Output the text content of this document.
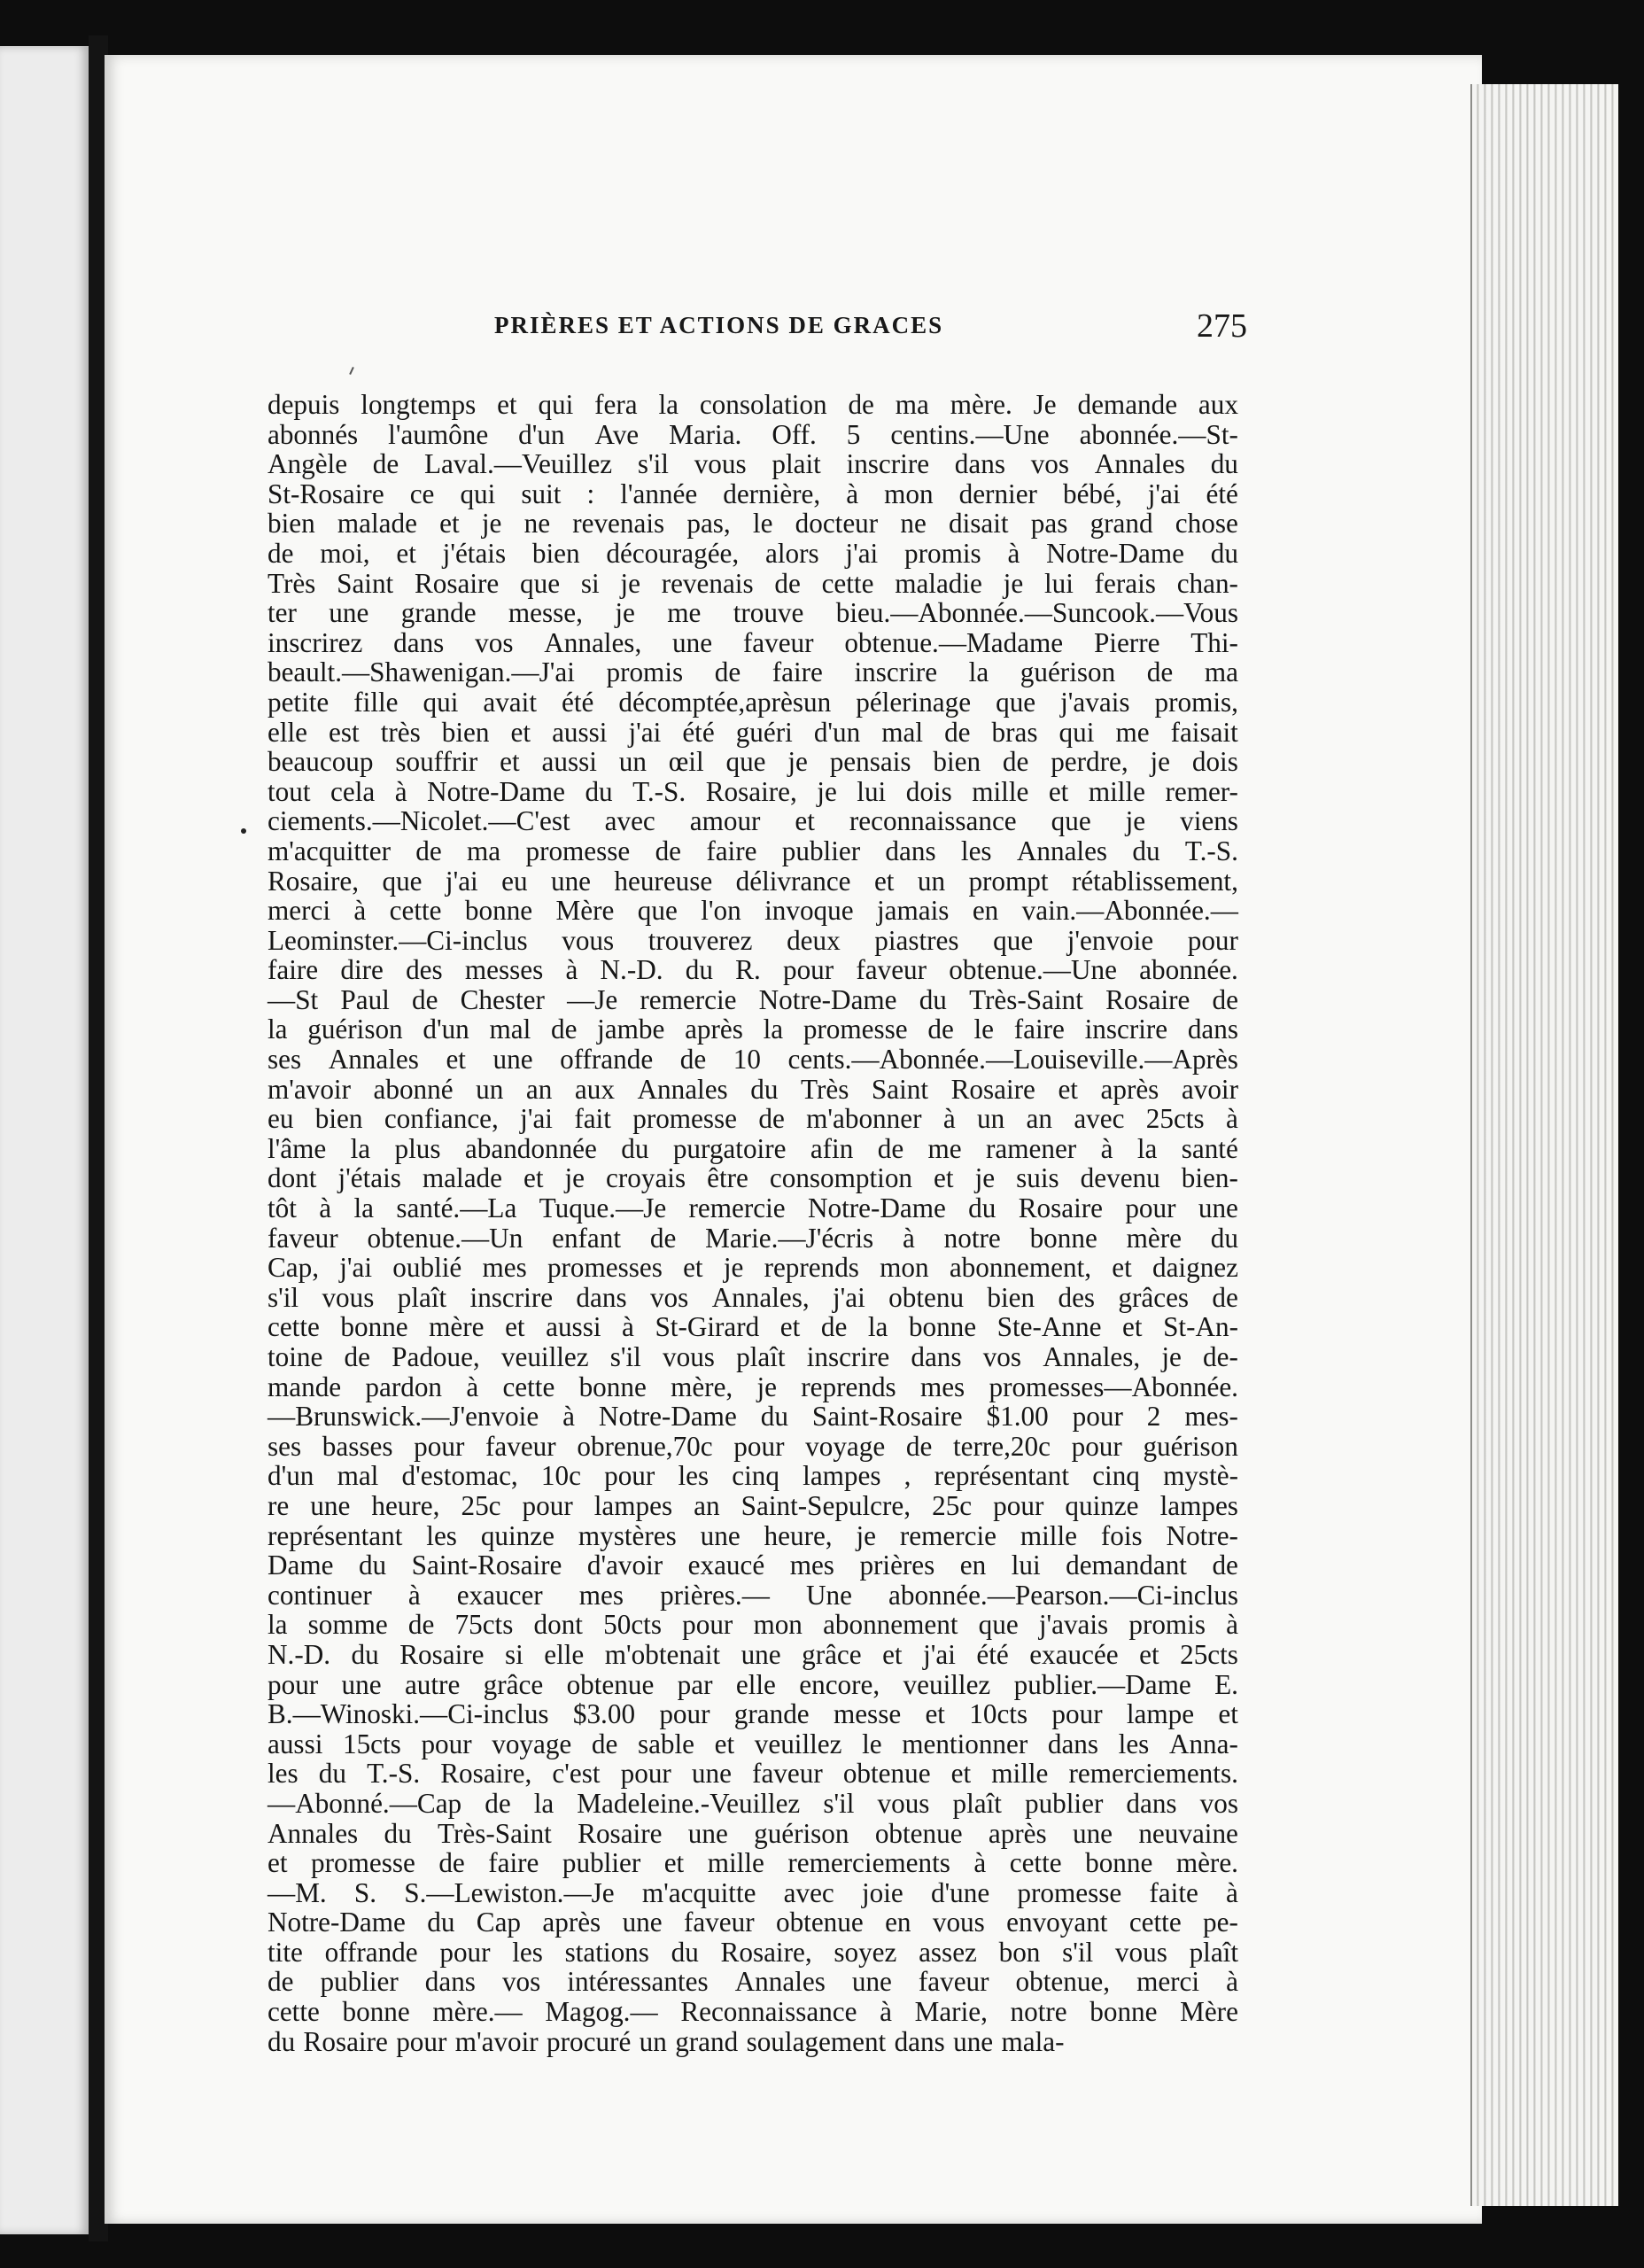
PRIÈRES ET ACTIONS DE GRACES	275
depuis longtemps et qui fera la consolation de ma mère. Je demande aux
abonnés l'aumône d'un Ave Maria. Off. 5 centins.—Une abonnée.—St-
Angèle de Laval.—Veuillez s'il vous plait inscrire dans vos Annales du
St-Rosaire ce qui suit : l'année dernière, à mon dernier bébé, j'ai été
bien malade et je ne revenais pas, le docteur ne disait pas grand chose
de moi, et j'étais bien découragée, alors j'ai promis à Notre-Dame du
Très Saint Rosaire que si je revenais de cette maladie je lui ferais chan-
ter une grande messe, je me trouve bieu.—Abonnée.—Suncook.—Vous
inscrirez dans vos Annales, une faveur obtenue.—Madame Pierre Thi-
beault.—Shawenigan.—J'ai promis de faire inscrire la guérison de ma
petite fille qui avait été décomptée,aprèsun pélerinage que j'avais promis,
elle est très bien et aussi j'ai été guéri d'un mal de bras qui me faisait
beaucoup souffrir et aussi un œil que je pensais bien de perdre, je dois
tout cela à Notre-Dame du T.-S. Rosaire, je lui dois mille et mille remer-
ciements.—Nicolet.—C'est avec amour et reconnaissance que je viens
m'acquitter de ma promesse de faire publier dans les Annales du T.-S.
Rosaire, que j'ai eu une heureuse délivrance et un prompt rétablissement,
merci à cette bonne Mère que l'on invoque jamais en vain.—Abonnée.—
Leominster.—Ci-inclus vous trouverez deux piastres que j'envoie pour
faire dire des messes à N.-D. du R. pour faveur obtenue.—Une abonnée.
—St Paul de Chester —Je remercie Notre-Dame du Très-Saint Rosaire de
la guérison d'un mal de jambe après la promesse de le faire inscrire dans
ses Annales et une offrande de 10 cents.—Abonnée.—Louiseville.—Après
m'avoir abonné un an aux Annales du Très Saint Rosaire et après avoir
eu bien confiance, j'ai fait promesse de m'abonner à un an avec 25cts à
l'âme la plus abandonnée du purgatoire afin de me ramener à la santé
dont j'étais malade et je croyais être consomption et je suis devenu bien-
tôt à la santé.—La Tuque.—Je remercie Notre-Dame du Rosaire pour une
faveur obtenue.—Un enfant de Marie.—J'écris à notre bonne mère du
Cap, j'ai oublié mes promesses et je reprends mon abonnement, et daignez
s'il vous plaît inscrire dans vos Annales, j'ai obtenu bien des grâces de
cette bonne mère et aussi à St-Girard et de la bonne Ste-Anne et St-An-
toine de Padoue, veuillez s'il vous plaît inscrire dans vos Annales, je de-
mande pardon à cette bonne mère, je reprends mes promesses—Abonnée.
—Brunswick.—J'envoie à Notre-Dame du Saint-Rosaire $1.00 pour 2 mes-
ses basses pour faveur obrenue,70c pour voyage de terre,20c pour guérison
d'un mal d'estomac, 10c pour les cinq lampes , représentant cinq mystè-
re une heure, 25c pour lampes an Saint-Sepulcre, 25c pour quinze lampes
représentant les quinze mystères une heure, je remercie mille fois Notre-
Dame du Saint-Rosaire d'avoir exaucé mes prières en lui demandant de
continuer à exaucer mes prières.— Une abonnée.—Pearson.—Ci-inclus
la somme de 75cts dont 50cts pour mon abonnement que j'avais promis à
N.-D. du Rosaire si elle m'obtenait une grâce et j'ai été exaucée et 25cts
pour une autre grâce obtenue par elle encore, veuillez publier.—Dame E.
B.—Winoski.—Ci-inclus $3.00 pour grande messe et 10cts pour lampe et
aussi 15cts pour voyage de sable et veuillez le mentionner dans les Anna-
les du T.-S. Rosaire, c'est pour une faveur obtenue et mille remerciements.
—Abonné.—Cap de la Madeleine.-Veuillez s'il vous plaît publier dans vos
Annales du Très-Saint Rosaire une guérison obtenue après une neuvaine
et promesse de faire publier et mille remerciements à cette bonne mère.
—M. S. S.—Lewiston.—Je m'acquitte avec joie d'une promesse faite à
Notre-Dame du Cap après une faveur obtenue en vous envoyant cette pe-
tite offrande pour les stations du Rosaire, soyez assez bon s'il vous plaît
de publier dans vos intéressantes Annales une faveur obtenue, merci à
cette bonne mère.— Magog.— Reconnaissance à Marie, notre bonne Mère
du Rosaire pour m'avoir procuré un grand soulagement dans une mala-
